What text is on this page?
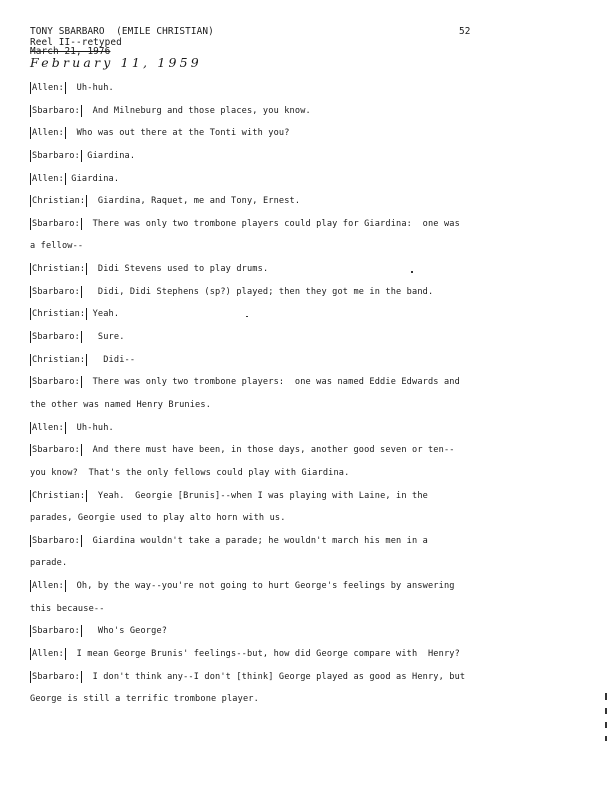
TONY SBARBARO  (EMILE CHRISTIAN)	52
Reel II--retyped
March 21, 1976
February 11, 1959
Allen:  Uh-huh.
Sbarbaro:  And Milneburg and those places, you know.
Allen:  Who was out there at the Tonti with you?
Sbarbaro: Giardina.
Allen: Giardina.
Christian:  Giardina, Raquet, me and Tony, Ernest.
Sbarbaro:  There was only two trombone players could play for Giardina:  one was
a fellow--
Christian:  Didi Stevens used to play drums.
Sbarbaro:   Didi, Didi Stephens (sp?) played; then they got me in the band.
Christian: Yeah.
Sbarbaro:   Sure.
Christian:   Didi--
Sbarbaro:  There was only two trombone players:  one was named Eddie Edwards and
the other was named Henry Brunies.
Allen:  Uh-huh.
Sbarbaro:  And there must have been, in those days, another good seven or ten--
you know?  That's the only fellows could play with Giardina.
Christian:  Yeah.  Georgie [Brunis]--when I was playing with Laine, in the
parades, Georgie used to play alto horn with us.
Sbarbaro:  Giardina wouldn't take a parade; he wouldn't march his men in a
parade.
Allen:  Oh, by the way--you're not going to hurt George's feelings by answering
this because--
Sbarbaro:   Who's George?
Allen:  I mean George Brunis' feelings--but, how did George compare with  Henry?
Sbarbaro:  I don't think any--I don't [think] George played as good as Henry, but
George is still a terrific trombone player.
